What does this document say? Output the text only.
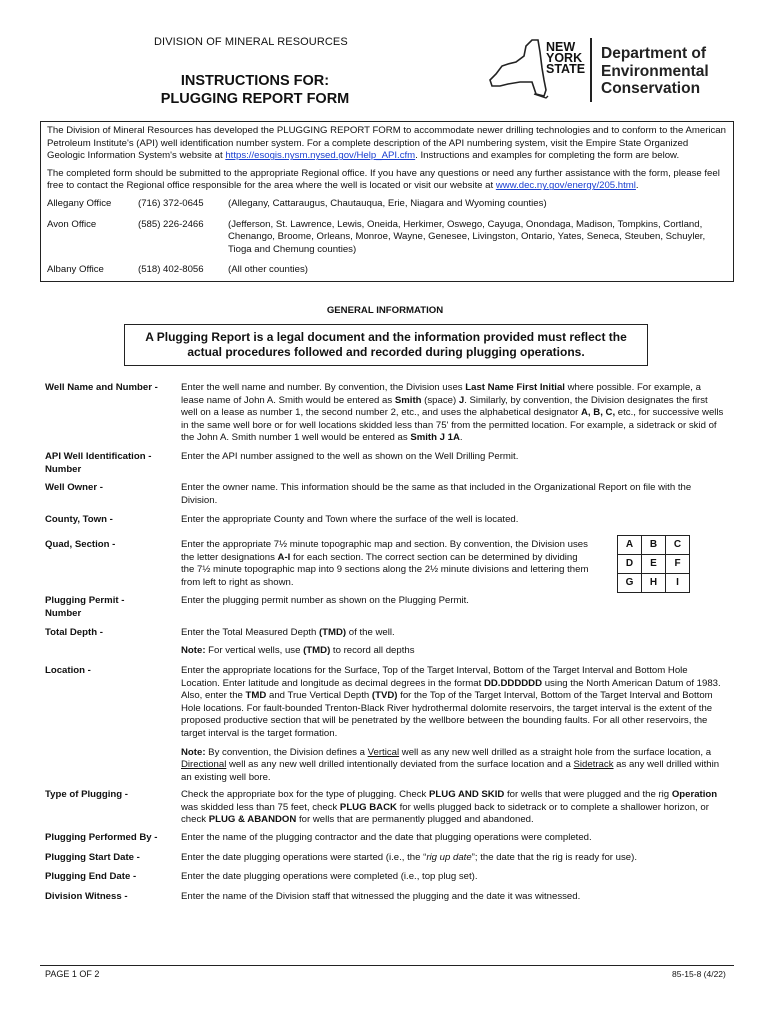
DIVISION OF MINERAL RESOURCES
INSTRUCTIONS FOR:
PLUGGING REPORT FORM
NEW
YORK
STATE
Department of
Environmental
Conservation

The Division of Mineral Resources has developed the PLUGGING REPORT FORM to accommodate newer drilling technologies and to conform to the American Petroleum Institute's (API) well identification number system. For a complete description of the API numbering system, visit the Empire State Organized Geologic Information System's website at https://esogis.nysm.nysed.gov/Help_API.cfm. Instructions and examples for completing the form are below.

The completed form should be submitted to the appropriate Regional office. If you have any questions or need any further assistance with the form, please feel free to contact the Regional office responsible for the area where the well is located or visit our website at www.dec.ny.gov/energy/205.html.

Allegany Office	(716) 372-0645	(Allegany, Cattaraugus, Chautauqua, Erie, Niagara and Wyoming counties)
Avon Office	(585) 226-2466	(Jefferson, St. Lawrence, Lewis, Oneida, Herkimer, Oswego, Cayuga, Onondaga, Madison, Tompkins, Cortland, Chenango, Broome, Orleans, Monroe, Wayne, Genesee, Livingston, Ontario, Yates, Seneca, Steuben, Schuyler, Tioga and Chemung counties)
Albany Office	(518) 402-8056	(All other counties)
GENERAL INFORMATION
A Plugging Report is a legal document and the information provided must reflect the actual procedures followed and recorded during plugging operations.
Well Name and Number -	Enter the well name and number. By convention, the Division uses Last Name First Initial where possible. For example, a lease name of John A. Smith would be entered as Smith (space) J. Similarly, by convention, the Division designates the first well on a lease as number 1, the second number 2, etc., and uses the alphabetical designator A, B, C, etc., for successive wells in the same well bore or for well locations skidded less than 75' from the permitted location. For example, a sidetrack or skid of the John A. Smith number 1 well would be entered as Smith J 1A.
API Well Identification - Number
Enter the API number assigned to the well as shown on the Well Drilling Permit.
Well Owner -	Enter the owner name. This information should be the same as that included in the Organizational Report on file with the Division.
County, Town -	Enter the appropriate County and Town where the surface of the well is located.
Quad, Section -	Enter the appropriate 7½ minute topographic map and section. By convention, the Division uses the letter designations A-I for each section. The correct section can be determined by dividing the 7½ minute topographic map into 9 sections along the 2½ minute divisions and lettering them from left to right as shown.
A	B	C
D	E	F
G	H	I
Plugging Permit - Number
Enter the plugging permit number as shown on the Plugging Permit.
Total Depth -	Enter the Total Measured Depth (TMD) of the well.
Note: For vertical wells, use (TMD) to record all depths
Location -	Enter the appropriate locations for the Surface, Top of the Target Interval, Bottom of the Target Interval and Bottom Hole Location. Enter latitude and longitude as decimal degrees in the format DD.DDDDDD using the North American Datum of 1983. Also, enter the TMD and True Vertical Depth (TVD) for the Top of the Target Interval, Bottom of the Target Interval and Bottom Hole locations. For fault-bounded Trenton-Black River hydrothermal dolomite reservoirs, the target interval is the extent of the proposed productive section that will be penetrated by the wellbore between the bounding faults. For all other reservoirs, the target interval is the target formation.
Note: By convention, the Division defines a Vertical well as any new well drilled as a straight hole from the surface location, a Directional well as any new well drilled intentionally deviated from the surface location and a Sidetrack as any well drilled within an existing well bore.
Type of Plugging -	Check the appropriate box for the type of plugging. Check PLUG AND SKID for wells that were plugged and the rig Operation was skidded less than 75 feet, check PLUG BACK for wells plugged back to sidetrack or to complete a shallower horizon, or check PLUG & ABANDON for wells that are permanently plugged and abandoned.
Plugging Performed By -	Enter the name of the plugging contractor and the date that plugging operations were completed.
Plugging Start Date -	Enter the date plugging operations were started (i.e., the “rig up date”; the date that the rig is ready for use).
Plugging End Date -	Enter the date plugging operations were completed (i.e., top plug set).
Division Witness -	Enter the name of the Division staff that witnessed the plugging and the date it was witnessed.
PAGE 1 OF 2	85-15-8 (4/22)
